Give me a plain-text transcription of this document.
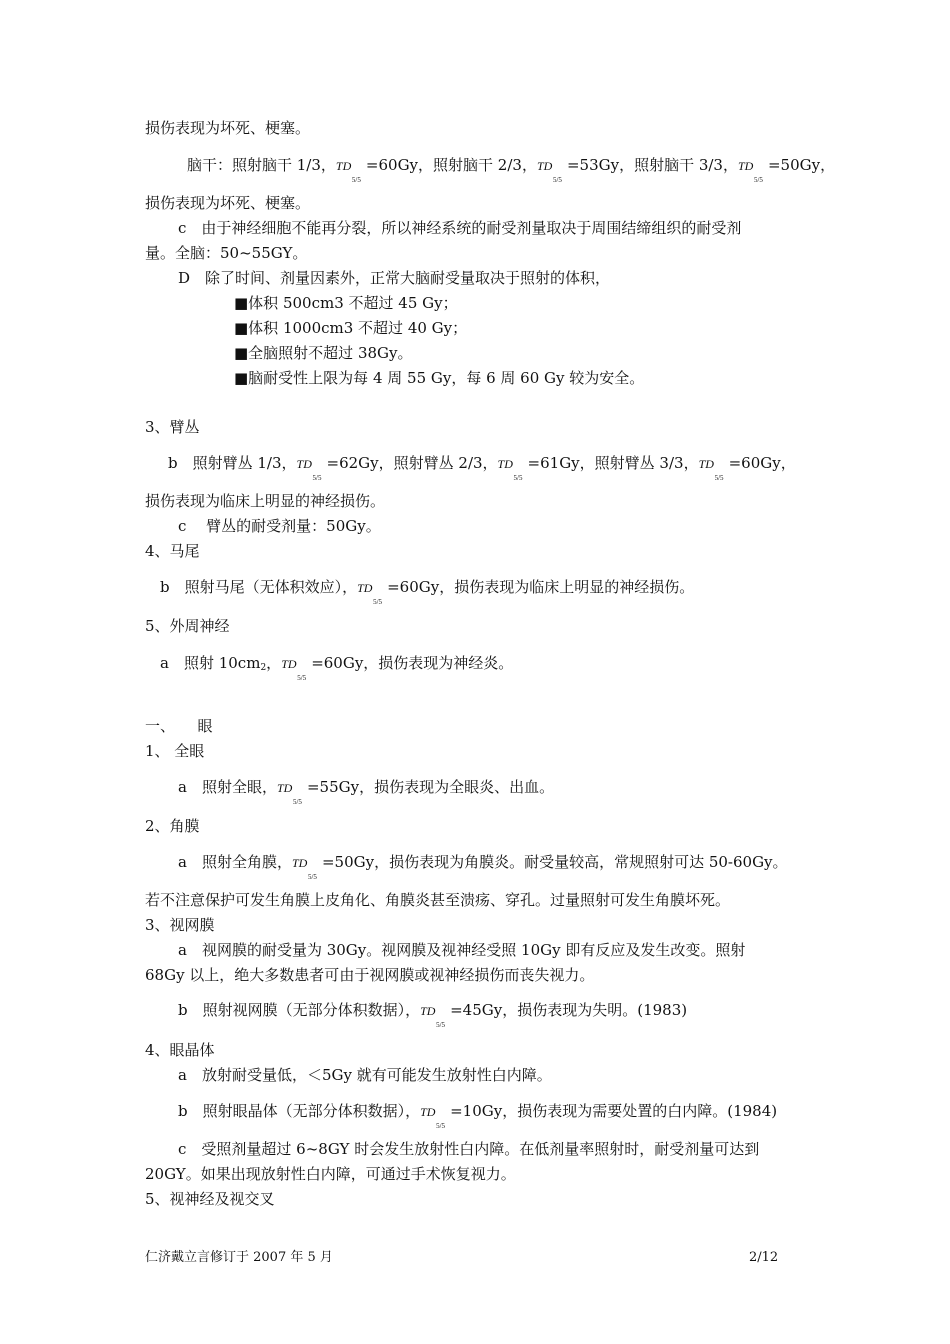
损伤表现为坏死、梗塞。
脑干：照射脑干 1/3， TD
5/5
=60Gy，照射脑干 2/3， TD
5/5
=53Gy，照射脑干 3/3， TD
5/5
=50Gy，
损伤表现为坏死、梗塞。
c　由于神经细胞不能再分裂，所以神经系统的耐受剂量取决于周围结缔组织的耐受剂
量。全脑：50~55GY。
D　除了时间、剂量因素外，正常大脑耐受量取决于照射的体积，
■体积 500cm3 不超过 45 Gy；
■体积 1000cm3 不超过 40 Gy；
■全脑照射不超过 38Gy。
■脑耐受性上限为每 4 周 55 Gy，每 6 周 60 Gy 较为安全。
3、臂丛
b　照射臂丛 1/3， TD
5/5
=62Gy，照射臂丛 2/3， TD
5/5
=61Gy，照射臂丛 3/3， TD
5/5
=60Gy，
损伤表现为临床上明显的神经损伤。
c　 臂丛的耐受剂量：50Gy。
4、马尾
b　照射马尾（无体积效应）， TD
5/5
=60Gy，损伤表现为临床上明显的神经损伤。
5、外周神经
a　照射 10cm2， TD
5/5
=60Gy，损伤表现为神经炎。
一、　　眼
1、 全眼
a　照射全眼， TD
5/5
=55Gy，损伤表现为全眼炎、出血。
2、角膜
a　照射全角膜， TD
5/5
=50Gy，损伤表现为角膜炎。耐受量较高，常规照射可达 50-60Gy。
若不注意保护可发生角膜上皮角化、角膜炎甚至溃疡、穿孔。过量照射可发生角膜坏死。
3、视网膜
a　视网膜的耐受量为 30Gy。视网膜及视神经受照 10Gy 即有反应及发生改变。照射
68Gy 以上，绝大多数患者可由于视网膜或视神经损伤而丧失视力。
b　照射视网膜（无部分体积数据）， TD
5/5
=45Gy，损伤表现为失明。(1983)
4、眼晶体
a　放射耐受量低，＜5Gy 就有可能发生放射性白内障。
b　照射眼晶体（无部分体积数据）， TD
5/5
=10Gy，损伤表现为需要处置的白内障。(1984)
c　受照剂量超过 6~8GY 时会发生放射性白内障。在低剂量率照射时，耐受剂量可达到
20GY。如果出现放射性白内障，可通过手术恢复视力。
5、视神经及视交叉
仁济戴立言修订于 2007 年 5 月	2/12
